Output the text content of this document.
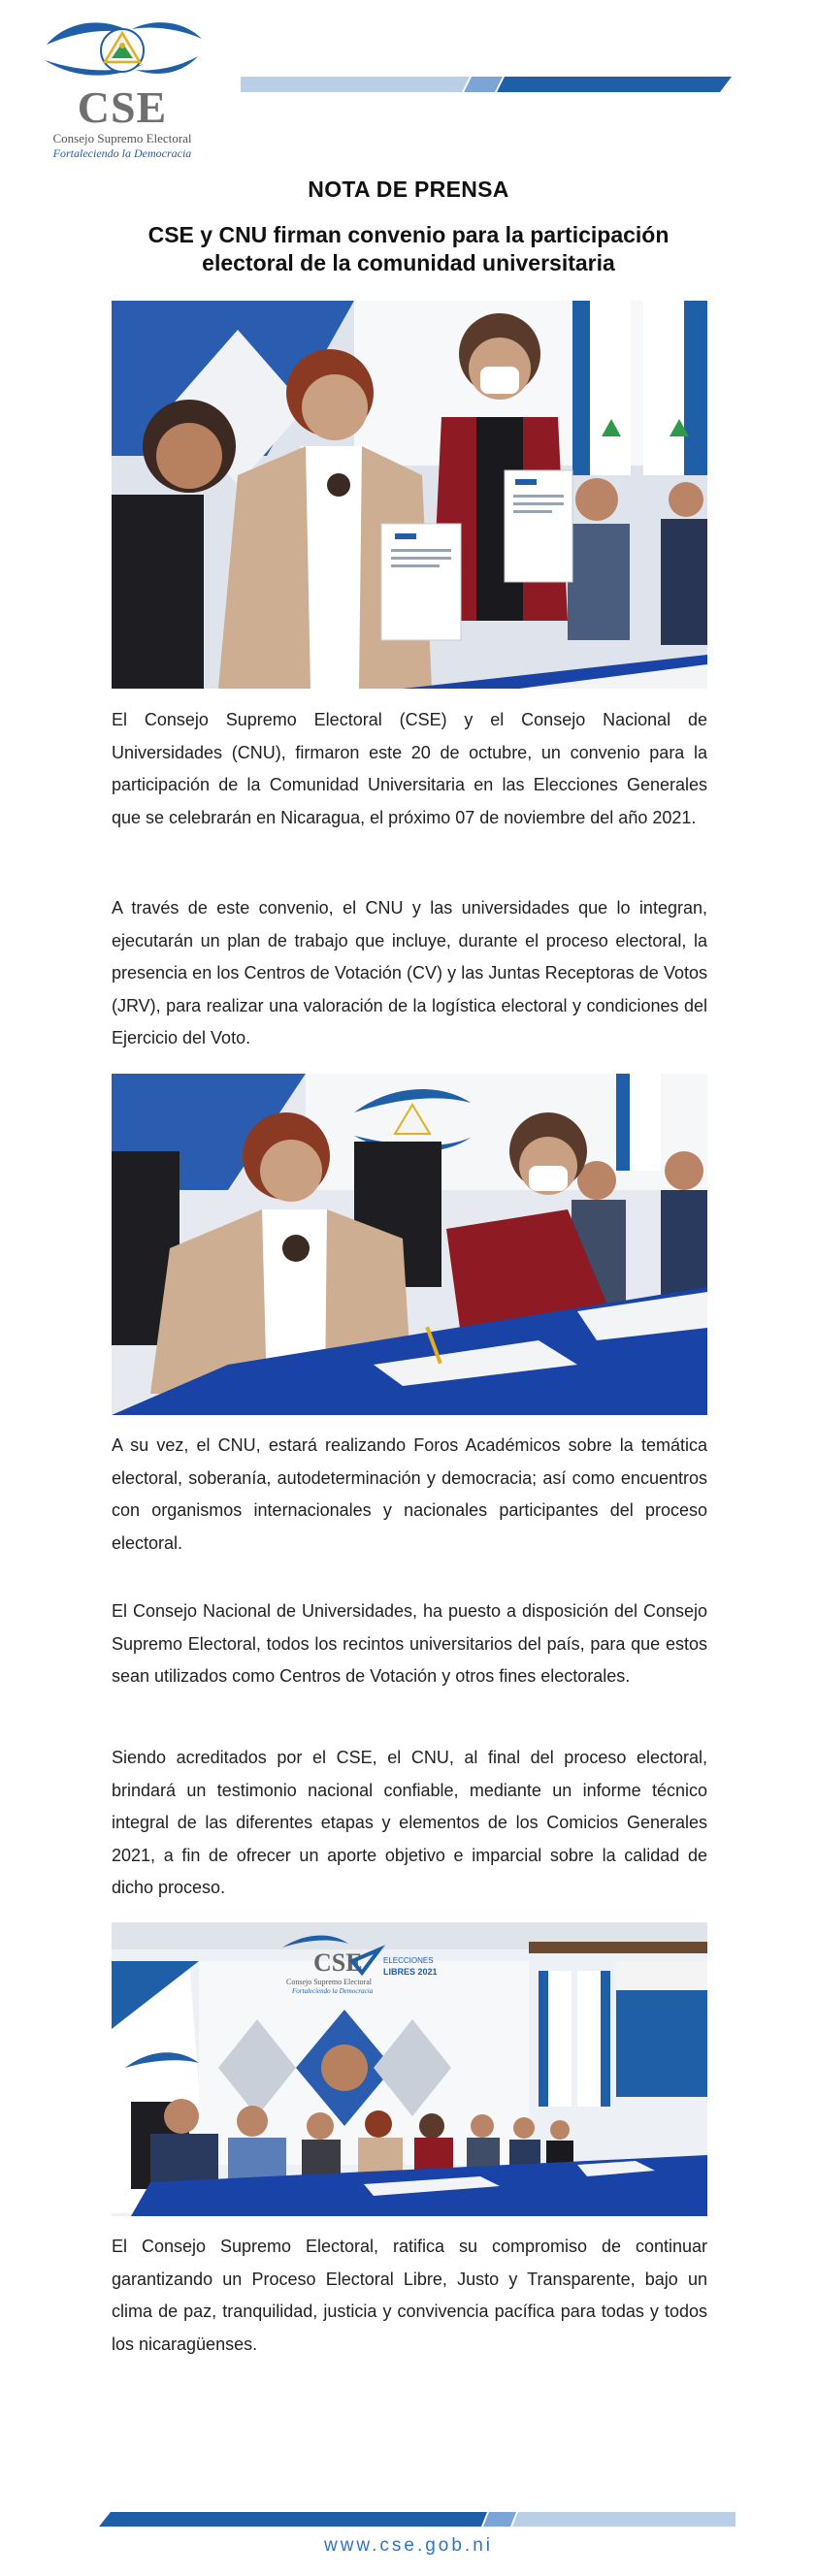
CSE
Consejo Supremo Electoral
Fortaleciendo la Democracia
NOTA DE PRENSA
CSE y CNU firman convenio para la participación electoral de la comunidad universitaria

El Consejo Supremo Electoral (CSE) y el Consejo Nacional de Universidades (CNU), firmaron este 20 de octubre, un convenio para la participación de la Comunidad Universitaria en las Elecciones Generales que se celebrarán en Nicaragua, el próximo 07 de noviembre del año 2021.

A través de este convenio, el CNU y las universidades que lo integran, ejecutarán un plan de trabajo que incluye, durante el proceso electoral, la presencia en los Centros de Votación (CV) y las Juntas Receptoras de Votos (JRV), para realizar una valoración de la logística electoral y condiciones del Ejercicio del Voto.

A su vez, el CNU, estará realizando Foros Académicos sobre la temática electoral, soberanía, autodeterminación y democracia; así como encuentros con organismos internacionales y nacionales participantes del proceso electoral.

El Consejo Nacional de Universidades, ha puesto a disposición del Consejo Supremo Electoral, todos los recintos universitarios del país, para que estos sean utilizados como Centros de Votación y otros fines electorales.

Siendo acreditados por el CSE, el CNU, al final del proceso electoral, brindará un testimonio nacional confiable, mediante un informe técnico integral de las diferentes etapas y elementos de los Comicios Generales 2021, a fin de ofrecer un aporte objetivo e imparcial sobre la calidad de dicho proceso.

CSE
Consejo Supremo Electoral
Fortaleciendo la Democracia
ELECCIONES
LIBRES 2021

El Consejo Supremo Electoral, ratifica su compromiso de continuar garantizando un Proceso Electoral Libre, Justo y Transparente, bajo un clima de paz, tranquilidad, justicia y convivencia pacífica para todas y todos los nicaragüenses.

www.cse.gob.ni
